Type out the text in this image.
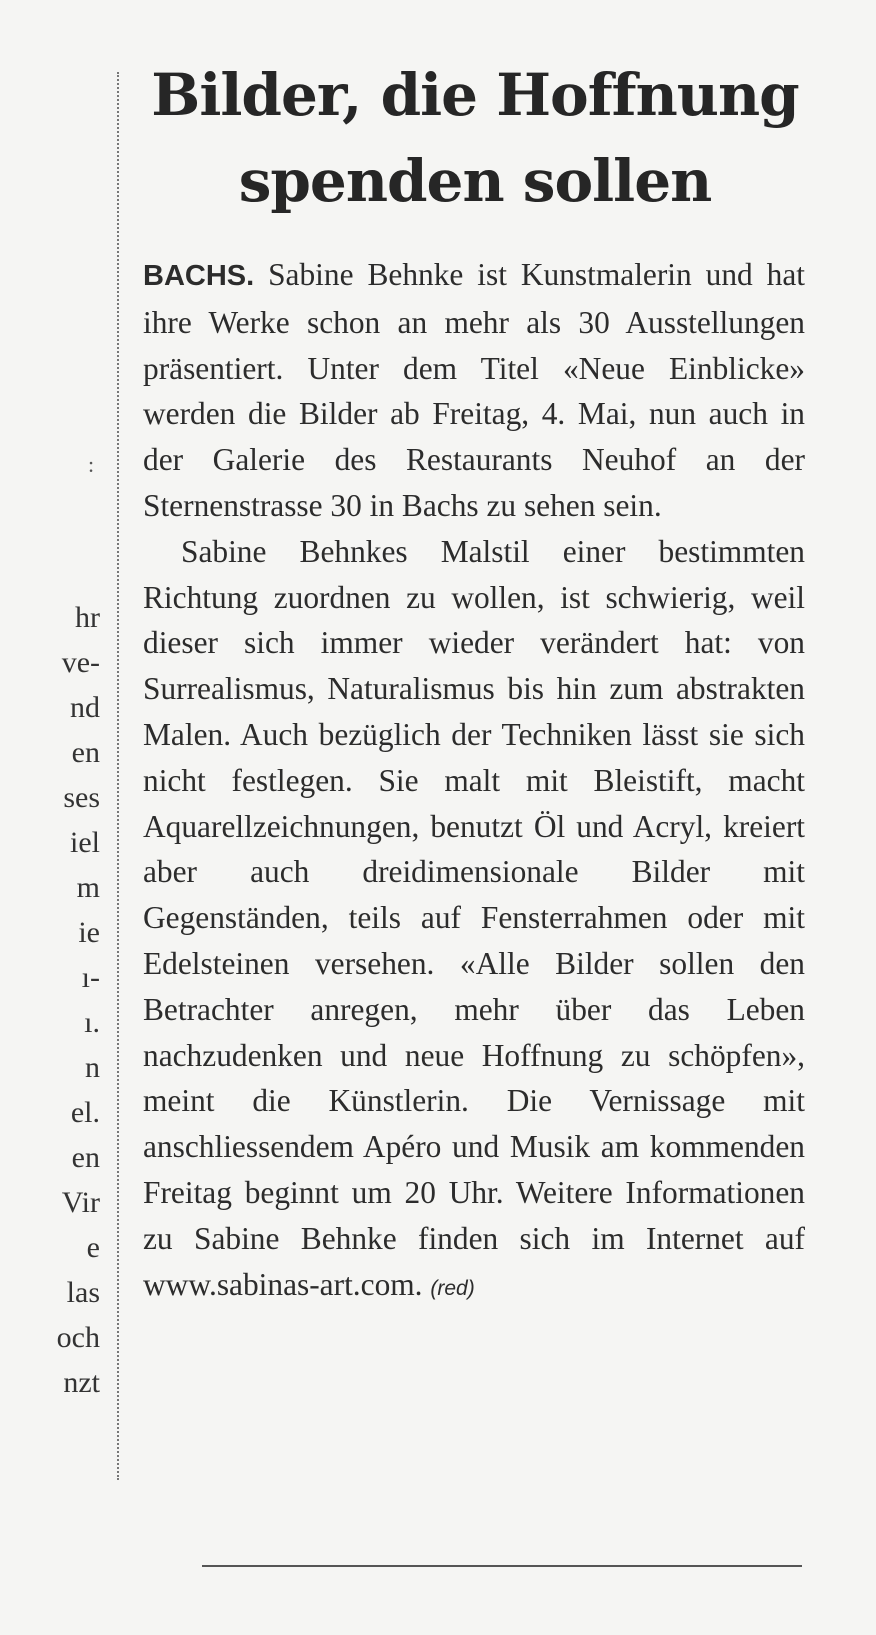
:
hr
ve-
nd
en
ses
iel
m
ie
ı-
ı.
n
el.
en
Vir
e
las
och
nzt
Bilder, die Hoffnung
spenden sollen

BACHS. Sabine Behnke ist Kunstmalerin und hat ihre Werke schon an mehr als 30 Ausstellungen präsentiert. Unter dem Titel «Neue Einblicke» werden die Bilder ab Freitag, 4. Mai, nun auch in der Galerie des Restaurants Neuhof an der Sternenstrasse 30 in Bachs zu sehen sein.

Sabine Behnkes Malstil einer bestimmten Richtung zuordnen zu wollen, ist schwierig, weil dieser sich immer wieder verändert hat: von Surrealismus, Naturalismus bis hin zum abstrakten Malen. Auch bezüglich der Techniken lässt sie sich nicht festlegen. Sie malt mit Bleistift, macht Aquarellzeichnungen, benutzt Öl und Acryl, kreiert aber auch dreidimensionale Bilder mit Gegenständen, teils auf Fensterrahmen oder mit Edelsteinen versehen. «Alle Bilder sollen den Betrachter anregen, mehr über das Leben nachzudenken und neue Hoffnung zu schöpfen», meint die Künstlerin. Die Vernissage mit anschliessendem Apéro und Musik am kommenden Freitag beginnt um 20 Uhr. Weitere Informationen zu Sabine Behnke finden sich im Internet auf www.sabinas-art.com. (red)
